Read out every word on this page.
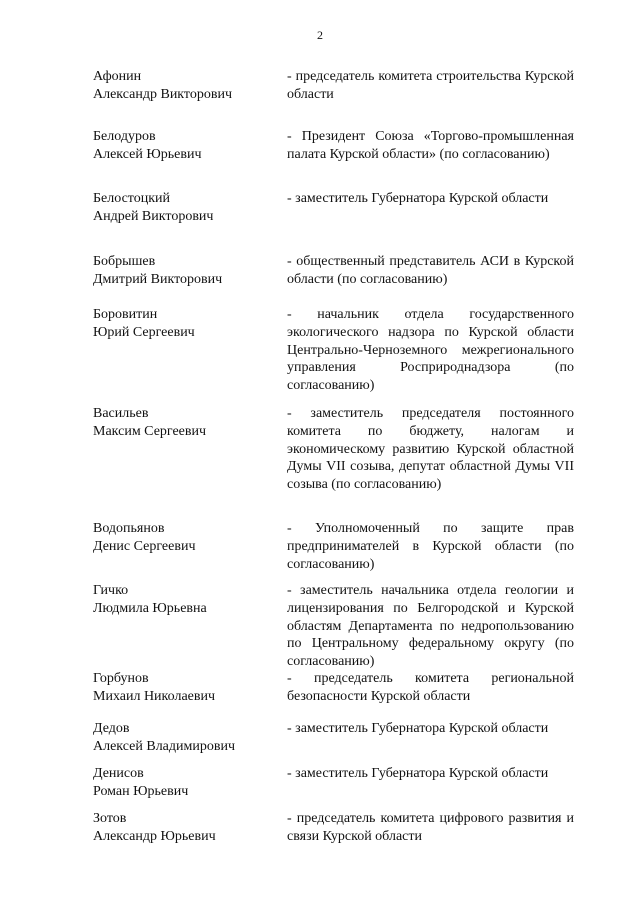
2
Афонин
Александр Викторович
- председатель комитета строительства Курской области
Белодуров
Алексей Юрьевич
- Президент Союза «Торгово-промышленная палата Курской области» (по согласованию)
Белостоцкий
Андрей Викторович
- заместитель Губернатора Курской области
Бобрышев
Дмитрий Викторович
- общественный представитель АСИ в Курской области (по согласованию)
Боровитин
Юрий Сергеевич
- начальник отдела государственного экологического надзора по Курской области Центрально-Черноземного межрегионального управления Росприроднадзора (по согласованию)
Васильев
Максим Сергеевич
- заместитель председателя постоянного комитета по бюджету, налогам и экономическому развитию Курской областной Думы VII созыва, депутат областной Думы VII созыва (по согласованию)
Водопьянов
Денис Сергеевич
- Уполномоченный по защите прав предпринимателей в Курской области (по согласованию)
Гичко
Людмила Юрьевна
- заместитель начальника отдела геологии и лицензирования по Белгородской и Курской областям Департамента по недропользованию по Центральному федеральному округу (по согласованию)
Горбунов
Михаил Николаевич
- председатель комитета региональной безопасности Курской области
Дедов
Алексей Владимирович
- заместитель Губернатора Курской области
Денисов
Роман Юрьевич
- заместитель Губернатора Курской области
Зотов
Александр Юрьевич
- председатель комитета цифрового развития и связи Курской области
